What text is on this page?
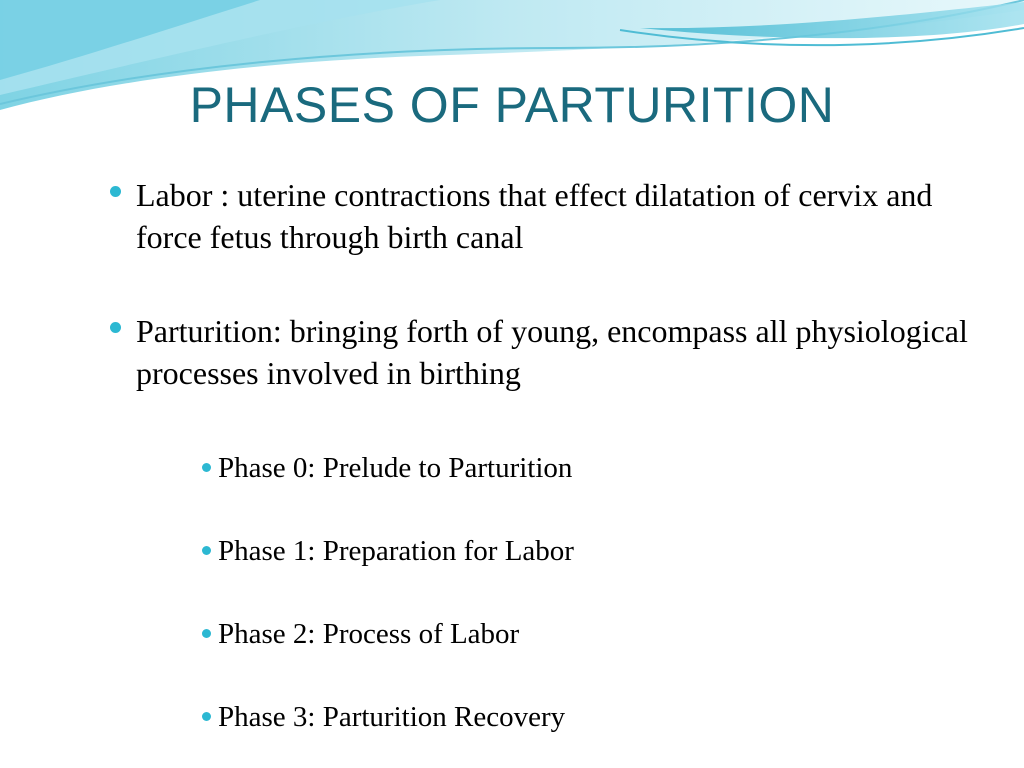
PHASES OF PARTURITION
Labor : uterine contractions that effect dilatation of cervix and force fetus through birth canal
Parturition: bringing forth of young, encompass all physiological processes involved in birthing
Phase 0: Prelude to Parturition
Phase 1: Preparation for Labor
Phase 2: Process of Labor
Phase 3: Parturition Recovery
